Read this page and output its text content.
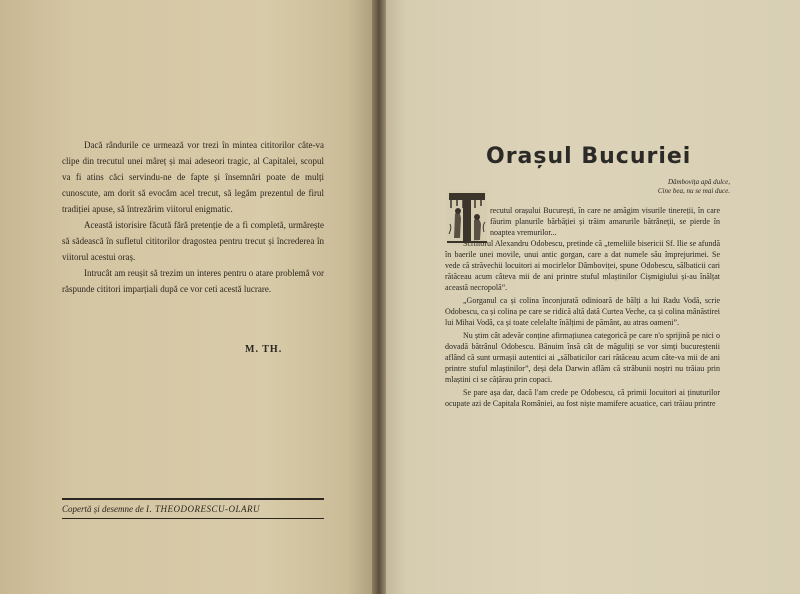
Dacă rândurile ce urmează vor trezi în mintea cititorilor câte-va clipe din trecutul unei mâreț și mai adeseori tragic, al Capitalei, scopul va fi atins căci servindu-ne de fapte și însemnări poate de mulți cunoscute, am dorit să evocăm acel trecut, să legăm prezentul de firul tradiției apuse, să întrezărim viitorul enigmatic.

Această istorisire făcută fără pretenție de a fi completă, urmărește să sădească în sufletul cititorilor dragostea pentru trecut și încrederea în viitorul acestui oraș.

Intrucât am reușit să trezim un interes pentru o atare problemă vor răspunde cititori imparțiali după ce vor ceti acestă lucrare.

M. TH.
Copertă și desemne de I. THEODORESCU-OLARU
Orașul Bucuriei
Dâmbovița apă dulce,
Cine bea, nu se mai duce.
recutul orașului București, în care ne amăgim visurile tinereții, în care făurim planurile bărbăției și trăim amarurile bătrâneții, se pierde în noaptea vremurilor...

Scriitorul Alexandru Odobescu, pretinde că „temeliile bisericii Sf. Ilie se afundă în baerile unei movile, unui antic gorgan, care a dat numele său împrejurimei. Se vede că străvechii locuitori ai mocirlelor Dâmboviței, spune Odobescu, sălbaticii cari rătăceau acum câteva mii de ani printre stuful mlaștinilor Cișmigiului și-au înălțat această necropolă”.

„Gorganul ca și colina înconjurată odinioară de bălți a lui Radu Vodă, scrie Odobescu, ca și colina pe care se ridică altă dată Curtea Veche, ca și colina mânăstirei lui Mihai Vodă, ca și toate celelalte înălțimi de pământ, au atras oameni”.

Nu știm cât adevăr conține afirmațiunea categorică pe care n'o sprijină pe nici o dovadă bătrânul Odobescu. Bănuim însă cât de măguliți se vor simți bucureștenii aflând că sunt urmașii autentici ai „sălbaticilor cari rătăceau acum câte-va mii de ani printre stuful mlaștinilor”, deși dela Darwin aflăm că străbunii noștri nu trăiau prin mlaștini ci se cățărau prin copaci.

Se pare așa dar, dacă l'am crede pe Odobescu, că primii locuitori ai ținuturilor ocupate azi de Capitala României, au fost niște mamifere acuatice, cari trăiau printre
